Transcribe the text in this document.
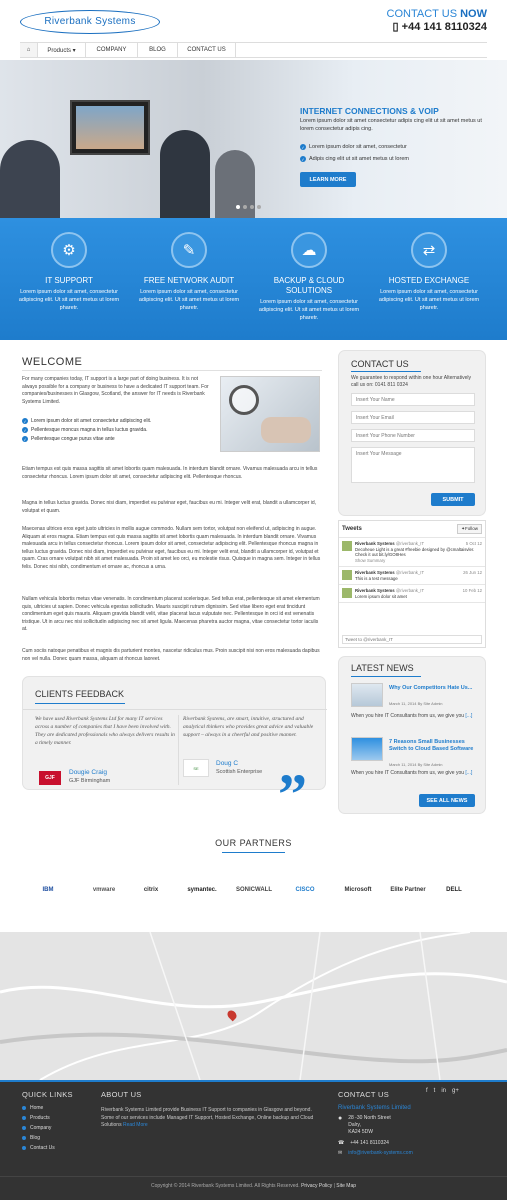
Riverbank Systems
CONTACT US NOW
▯ +44 141 8110324
⌂	Products ▾	COMPANY	BLOG	CONTACT US
INTERNET CONNECTIONS & VOIP
Lorem ipsum dolor sit amet consectetur adipis cing elit ut sit amet metus ut lorem consectetur adipis cing.
✓ Lorem ipsum dolor sit amet, consectetur
✓ Adipis cing elit ut sit amet metus ut lorem
LEARN MORE
⚙
IT SUPPORT
Lorem ipsum dolor sit amet, consectetur adipiscing elit. Ut sit amet metus ut lorem pharetr.
✎
FREE NETWORK AUDIT
Lorem ipsum dolor sit amet, consectetur adipiscing elit. Ut sit amet metus ut lorem pharetr.
☁
BACKUP & CLOUD SOLUTIONS
Lorem ipsum dolor sit amet, consectetur adipiscing elit. Ut sit amet metus ut lorem pharetr.
⇄
HOSTED EXCHANGE
Lorem ipsum dolor sit amet, consectetur adipiscing elit. Ut sit amet metus ut lorem pharetr.
WELCOME
For many companies today, IT support is a large part of doing business. It is not always possible for a company or business to have a dedicated IT support team. For companies/businesses in Glasgow, Scotland, the answer for IT needs is Riverbank Systems Limited.
✓ Lorem ipsum dolor sit amet consectetur adipiscing elit.
✓ Pellentesque moncus magna in tellus luctus gravida.
✓ Pellentesque congue purus vitae ante
Etiam tempus est quis massa sagittis sit amet lobortis quam malesuada. In interdum blandit ornare. Vivamus malesuada arcu in tellus consectetur rhoncus. Lorem ipsum dolor sit amet, consectetur adipiscing elit. Pellentesque rhoncus.
Magna in tellus luctus gravida. Donec nisi diam, imperdiet eu pulvinar eget, faucibus eu mi. Integer velit erat, blandit a ullamcorper id, volutpat et quam.
Maecenas ultrices eros eget justo ultricies in mollis augue commodo. Nullam sem tortor, volutpat non eleifend ut, adipiscing in augue. Aliquam at eros magna. Etiam tempus est quis massa sagittis sit amet lobortis quam malesuada. In interdum blandit ornare. Vivamus malesuada arcu in tellus consectetur rhoncus. Lorem ipsum dolor sit amet, consectetur adipiscing elit. Pellentesque rhoncus magna in tellus luctus gravida. Donec nisi diam, imperdiet eu pulvinar eget, faucibus eu mi. Integer velit erat, blandit a ullamcorper id, volutpat et quam. Cras ornare volutpat nibh sit amet malesuada. Proin sit amet leo orci, eu molestie risus. Quisque in magna sem. Integer in tellus felis. Donec nisi nibh, condimentum et ornare ac, rhoncus a urna.
Nullam vehicula lobortis metus vitae venenatis. In condimentum placerat scelerisque. Sed tellus erat, pellentesque sit amet elementum quis, ultricies ut sapien. Donec vehicula egestas sollicitudin. Mauris suscipit rutrum dignissim. Sed vitae libero eget erat tincidunt condimentum eget quis mauris. Aliquam gravida blandit velit, vitae placerat lacus vulputate nec. Pellentesque in orci id est venenatis tristique. Ut in arcu nec nisi sollicitudin adipiscing nec sit amet ligula. Maecenas pharetra auctor magna, vitae consectetur tortor iaculis at.
Cum sociis natoque penatibus et magnis dis parturient montes, nascetur ridiculus mus. Proin suscipit nisi non eros malesuada dapibus non vel nulla. Donec quam massa, aliquam at rhoncus laoreet.
CLIENTS FEEDBACK
We have used Riverbank Systems Ltd for many IT services across a number of companies that I have been involved with. They are dedicated professionals who always delivers results in a timely manner.
GJF
Dougie Craig
GJF Birmingham
Riverbank Systems, are smart, intuitive, structured and analytical thinkers who provides great advice and valuable support – always in a cheerful and positive manner.
SE
Doug C
Scottish Enterprise ”
CONTACT US
We guarantee to respond within one hour Alternatively call us on: 0141 811 0324
Insert Your Name
Insert Your Email
Insert Your Phone Number
Insert Your Message
SUBMIT
Tweets	✦Follow
Riverbank Systems @riverbank_IT	5 Oct 12
Decoheue Light is a great #freebie designed by @cmaltaisvler. Check it out bit.ly/GO8Hes
Show Summary
Riverbank Systems @riverbank_IT	26 Jun 12
This is a test message
Riverbank Systems @riverbank_IT	10 Feb 12
Lorem ipsum dolor sit amet
Tweet to @riverbank_IT
LATEST NEWS
Why Our Competitors Hate Us...
March 11, 2014 By Site Admin
When you hire IT Consultants from us, we give you [...]
7 Reasons Small Businesses Switch to Cloud Based Software
March 11, 2014 By Site Admin
When you hire IT Consultants from us, we give you [...]
SEE ALL NEWS
OUR PARTNERS
IBM	vmware	citrix	symantec.	SONICWALL	CISCO	Microsoft	Elite Partner	DELL
QUICK LINKS
Home
Products
Company
Blog
Contact Us
ABOUT US
Riverbank Systems Limited provide Business IT Support to companies in Glasgow and beyond. Some of our services include Managed IT Support, Hosted Exchange, Online backup and Cloud Solutions Read More
CONTACT US	f t in g+
Riverbank Systems Limited
● 28 -30 North Street
Dalry,
KA24 5DW
☎ +44 141 8110324
✉ info@riverbank-systems.com
Copyright © 2014 Riverbank Systems Limited. All Rights Reserved. Privacy Policy | Site Map
